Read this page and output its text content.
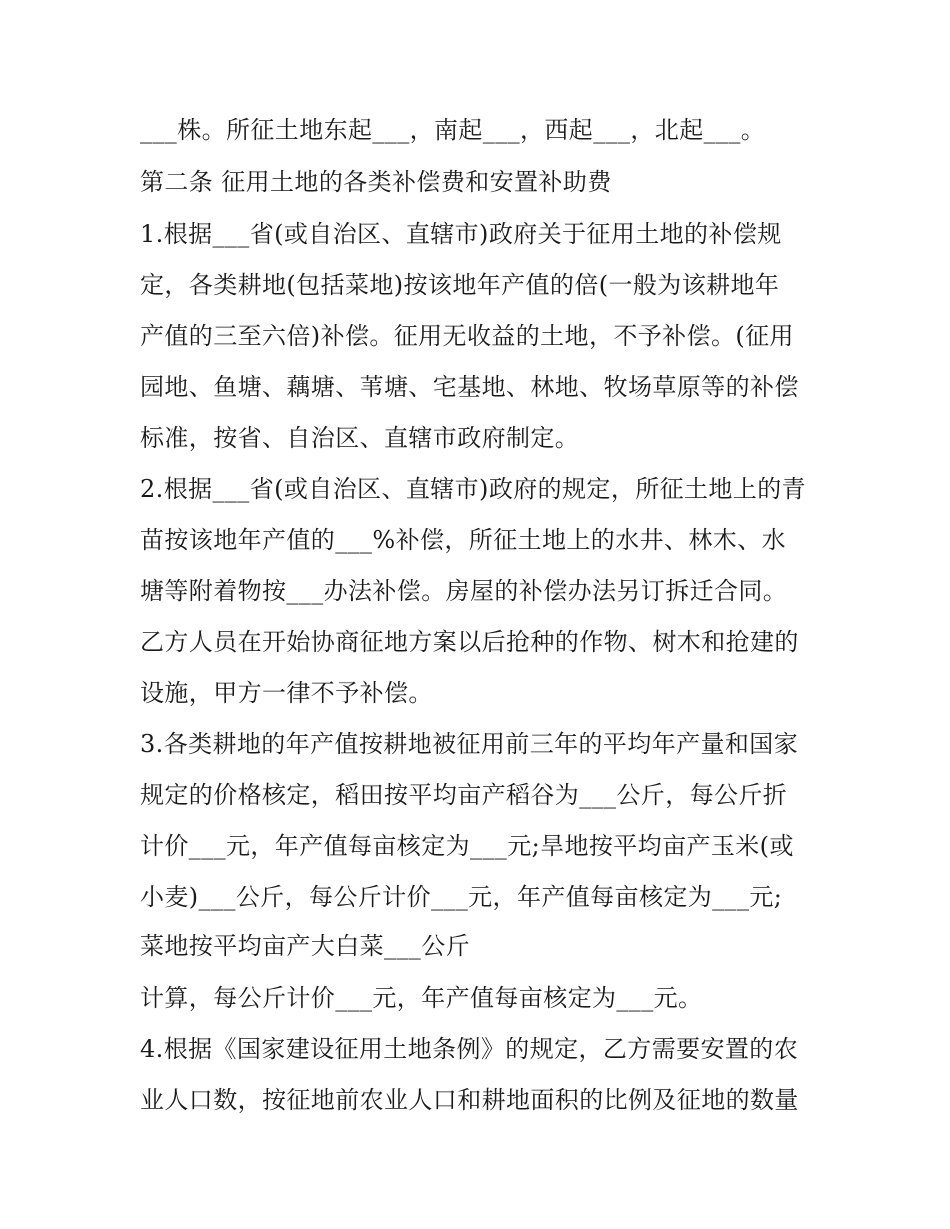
___株。所征土地东起___，南起___，西起___，北起___。
第二条 征用土地的各类补偿费和安置补助费
1.根据___省(或自治区、直辖市)政府关于征用土地的补偿规
定，各类耕地(包括菜地)按该地年产值的倍(一般为该耕地年
产值的三至六倍)补偿。征用无收益的土地，不予补偿。(征用
园地、鱼塘、藕塘、苇塘、宅基地、林地、牧场草原等的补偿
标准，按省、自治区、直辖市政府制定。
2.根据___省(或自治区、直辖市)政府的规定，所征土地上的青
苗按该地年产值的___%补偿，所征土地上的水井、林木、水
塘等附着物按___办法补偿。房屋的补偿办法另订拆迁合同。
乙方人员在开始协商征地方案以后抢种的作物、树木和抢建的
设施，甲方一律不予补偿。
3.各类耕地的年产值按耕地被征用前三年的平均年产量和国家
规定的价格核定，稻田按平均亩产稻谷为___公斤，每公斤折
计价___元，年产值每亩核定为___元;旱地按平均亩产玉米(或
小麦)___公斤，每公斤计价___元，年产值每亩核定为___元;
菜地按平均亩产大白菜___公斤
计算，每公斤计价___元，年产值每亩核定为___元。
4.根据《国家建设征用土地条例》的规定，乙方需要安置的农
业人口数，按征地前农业人口和耕地面积的比例及征地的数量
